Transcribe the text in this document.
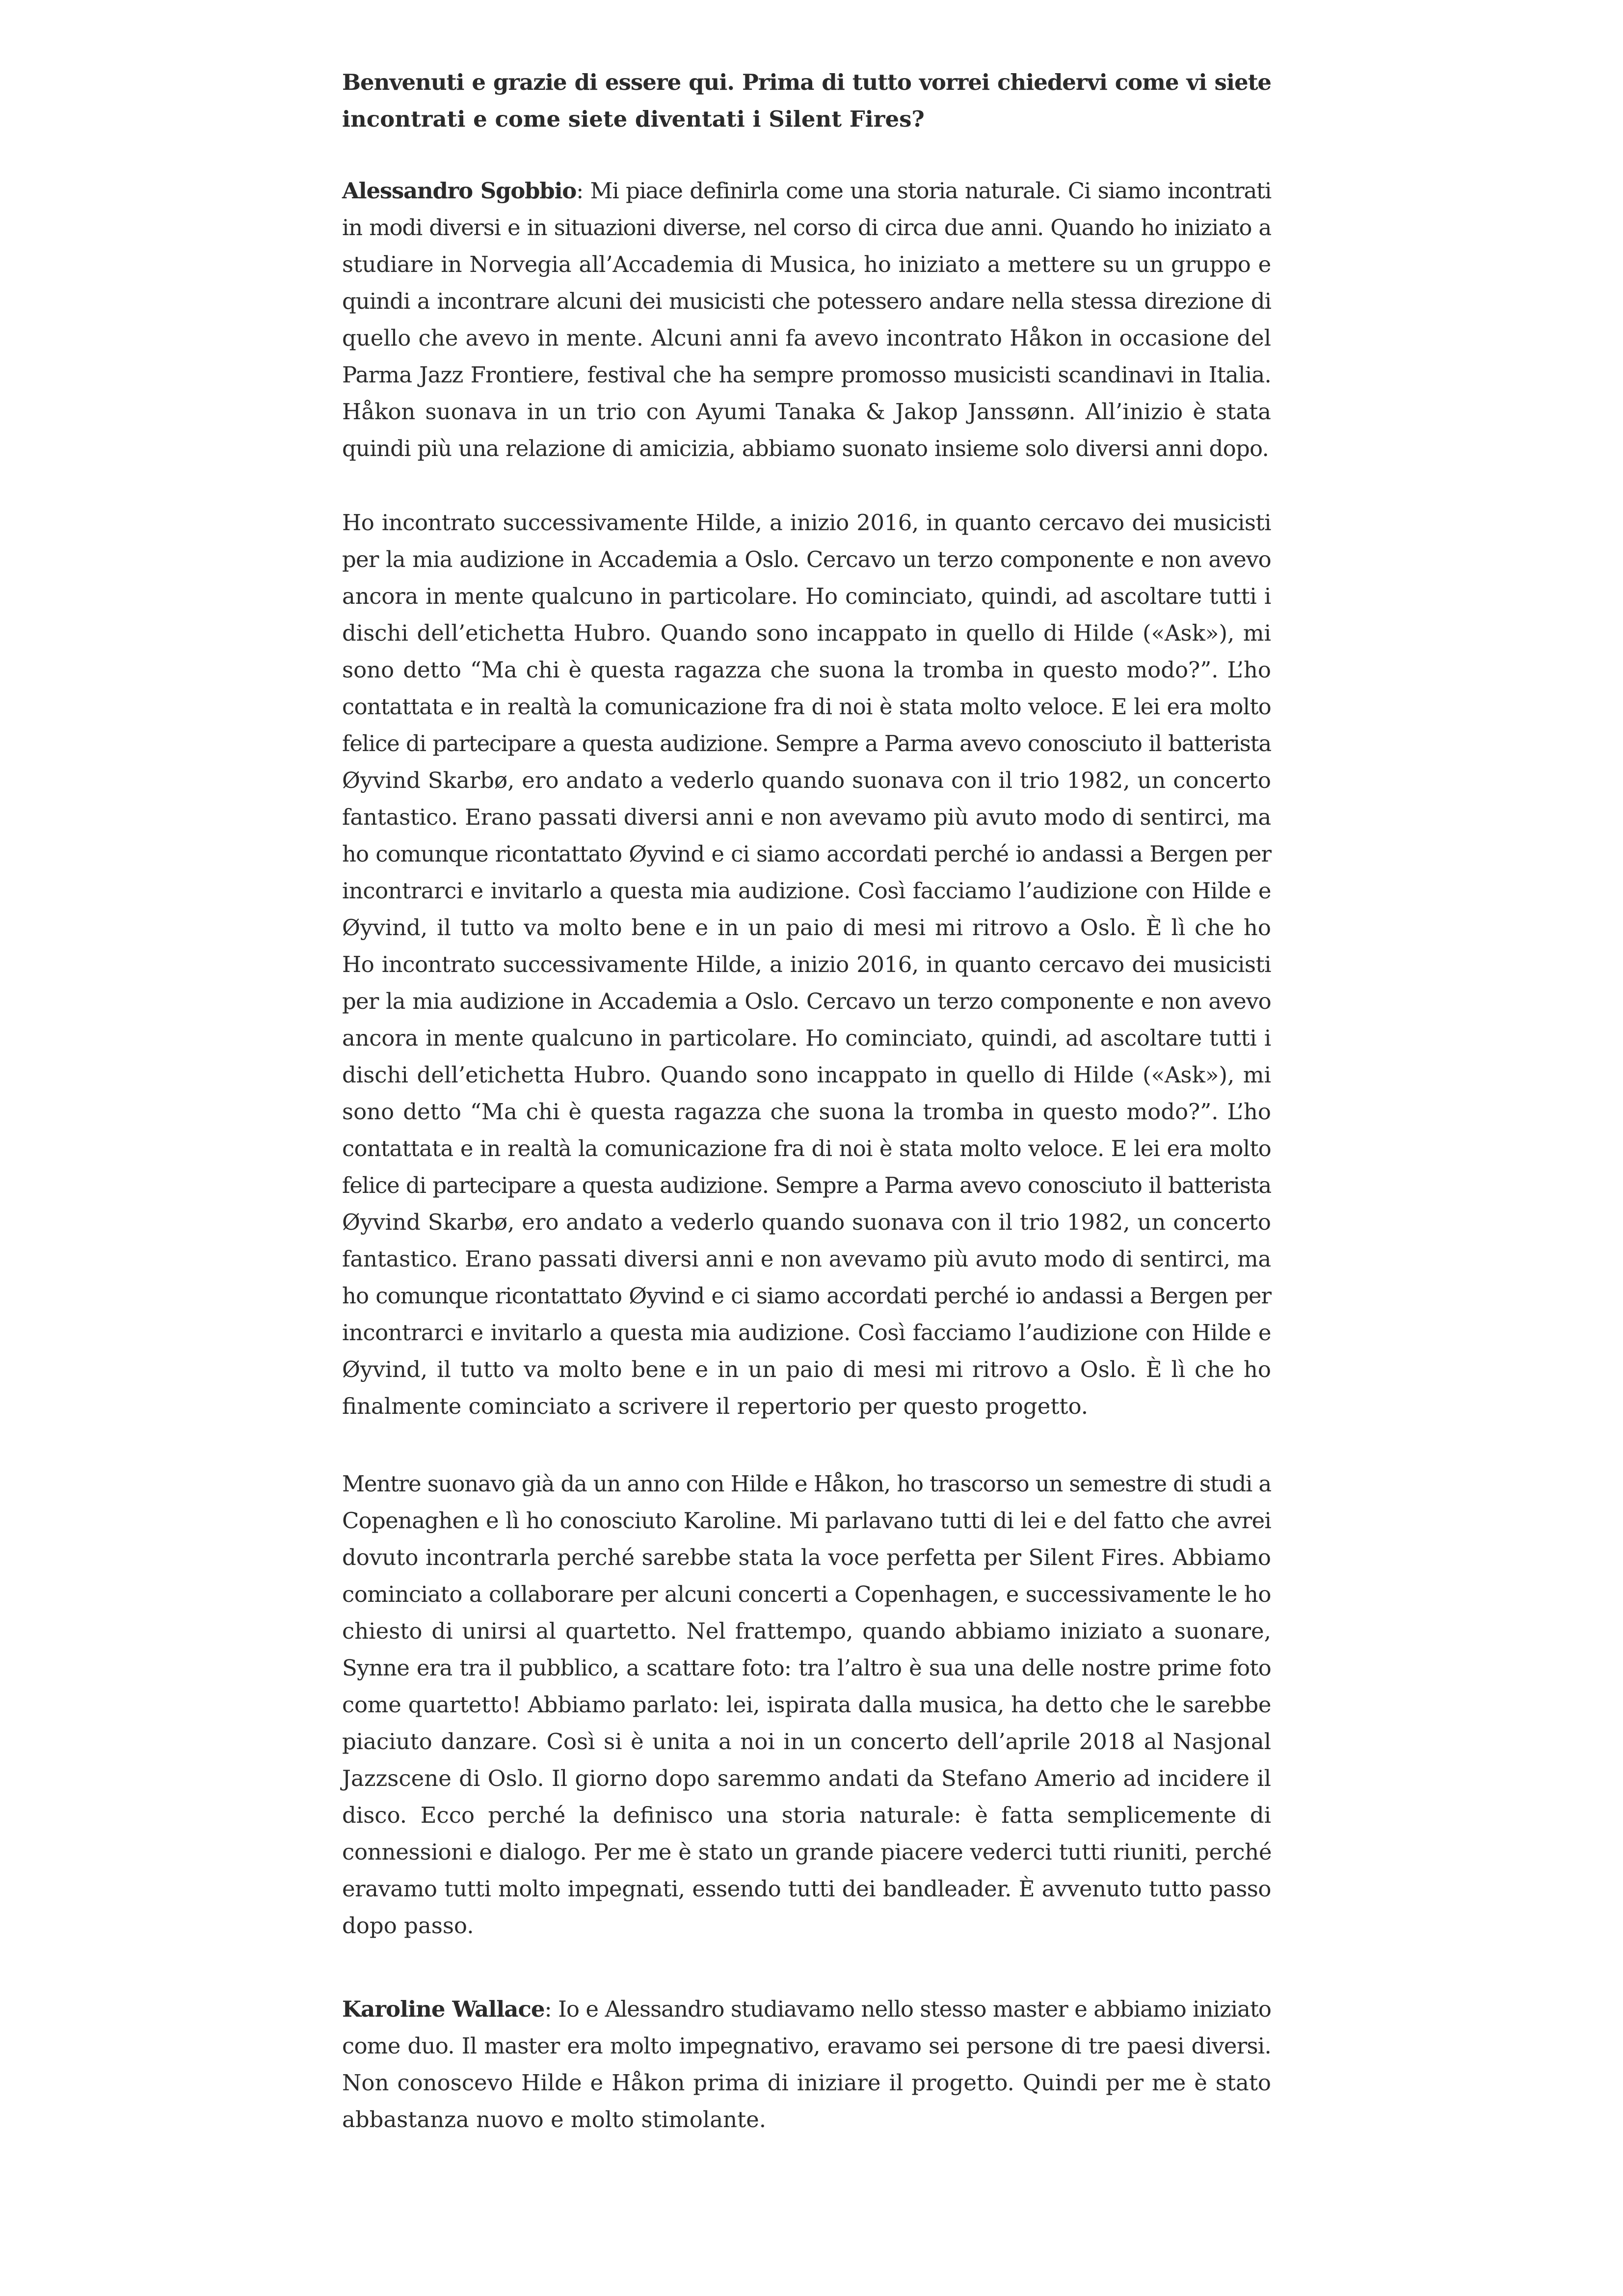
Benvenuti e grazie di essere qui. Prima di tutto vorrei chiedervi come vi siete
incontrati e come siete diventati i Silent Fires?
Alessandro Sgobbio: Mi piace definirla come una storia naturale. Ci siamo incontrati
in modi diversi e in situazioni diverse, nel corso di circa due anni. Quando ho iniziato a
studiare in Norvegia all’Accademia di Musica, ho iniziato a mettere su un gruppo e
quindi a incontrare alcuni dei musicisti che potessero andare nella stessa direzione di
quello che avevo in mente. Alcuni anni fa avevo incontrato Håkon in occasione del
Parma Jazz Frontiere, festival che ha sempre promosso musicisti scandinavi in Italia.
Håkon suonava in un trio con Ayumi Tanaka & Jakop Janssønn. All’inizio è stata
quindi più una relazione di amicizia, abbiamo suonato insieme solo diversi anni dopo.
Ho incontrato successivamente Hilde, a inizio 2016, in quanto cercavo dei musicisti
per la mia audizione in Accademia a Oslo. Cercavo un terzo componente e non avevo
ancora in mente qualcuno in particolare. Ho cominciato, quindi, ad ascoltare tutti i
dischi dell’etichetta Hubro. Quando sono incappato in quello di Hilde («Ask»), mi
sono detto “Ma chi è questa ragazza che suona la tromba in questo modo?”. L’ho
contattata e in realtà la comunicazione fra di noi è stata molto veloce. E lei era molto
felice di partecipare a questa audizione. Sempre a Parma avevo conosciuto il batterista
Øyvind Skarbø, ero andato a vederlo quando suonava con il trio 1982, un concerto
fantastico. Erano passati diversi anni e non avevamo più avuto modo di sentirci, ma
ho comunque ricontattato Øyvind e ci siamo accordati perché io andassi a Bergen per
incontrarci e invitarlo a questa mia audizione. Così facciamo l’audizione con Hilde e
Øyvind, il tutto va molto bene e in un paio di mesi mi ritrovo a Oslo. È lì che ho
Ho incontrato successivamente Hilde, a inizio 2016, in quanto cercavo dei musicisti
per la mia audizione in Accademia a Oslo. Cercavo un terzo componente e non avevo
ancora in mente qualcuno in particolare. Ho cominciato, quindi, ad ascoltare tutti i
dischi dell’etichetta Hubro. Quando sono incappato in quello di Hilde («Ask»), mi
sono detto “Ma chi è questa ragazza che suona la tromba in questo modo?”. L’ho
contattata e in realtà la comunicazione fra di noi è stata molto veloce. E lei era molto
felice di partecipare a questa audizione. Sempre a Parma avevo conosciuto il batterista
Øyvind Skarbø, ero andato a vederlo quando suonava con il trio 1982, un concerto
fantastico. Erano passati diversi anni e non avevamo più avuto modo di sentirci, ma
ho comunque ricontattato Øyvind e ci siamo accordati perché io andassi a Bergen per
incontrarci e invitarlo a questa mia audizione. Così facciamo l’audizione con Hilde e
Øyvind, il tutto va molto bene e in un paio di mesi mi ritrovo a Oslo. È lì che ho
finalmente cominciato a scrivere il repertorio per questo progetto.
Mentre suonavo già da un anno con Hilde e Håkon, ho trascorso un semestre di studi a
Copenaghen e lì ho conosciuto Karoline. Mi parlavano tutti di lei e del fatto che avrei
dovuto incontrarla perché sarebbe stata la voce perfetta per Silent Fires. Abbiamo
cominciato a collaborare per alcuni concerti a Copenhagen, e successivamente le ho
chiesto di unirsi al quartetto. Nel frattempo, quando abbiamo iniziato a suonare,
Synne era tra il pubblico, a scattare foto: tra l’altro è sua una delle nostre prime foto
come quartetto! Abbiamo parlato: lei, ispirata dalla musica, ha detto che le sarebbe
piaciuto danzare. Così si è unita a noi in un concerto dell’aprile 2018 al Nasjonal
Jazzscene di Oslo. Il giorno dopo saremmo andati da Stefano Amerio ad incidere il
disco. Ecco perché la definisco una storia naturale: è fatta semplicemente di
connessioni e dialogo. Per me è stato un grande piacere vederci tutti riuniti, perché
eravamo tutti molto impegnati, essendo tutti dei bandleader. È avvenuto tutto passo
dopo passo.
Karoline Wallace: Io e Alessandro studiavamo nello stesso master e abbiamo iniziato
come duo. Il master era molto impegnativo, eravamo sei persone di tre paesi diversi.
Non conoscevo Hilde e Håkon prima di iniziare il progetto. Quindi per me è stato
abbastanza nuovo e molto stimolante.
